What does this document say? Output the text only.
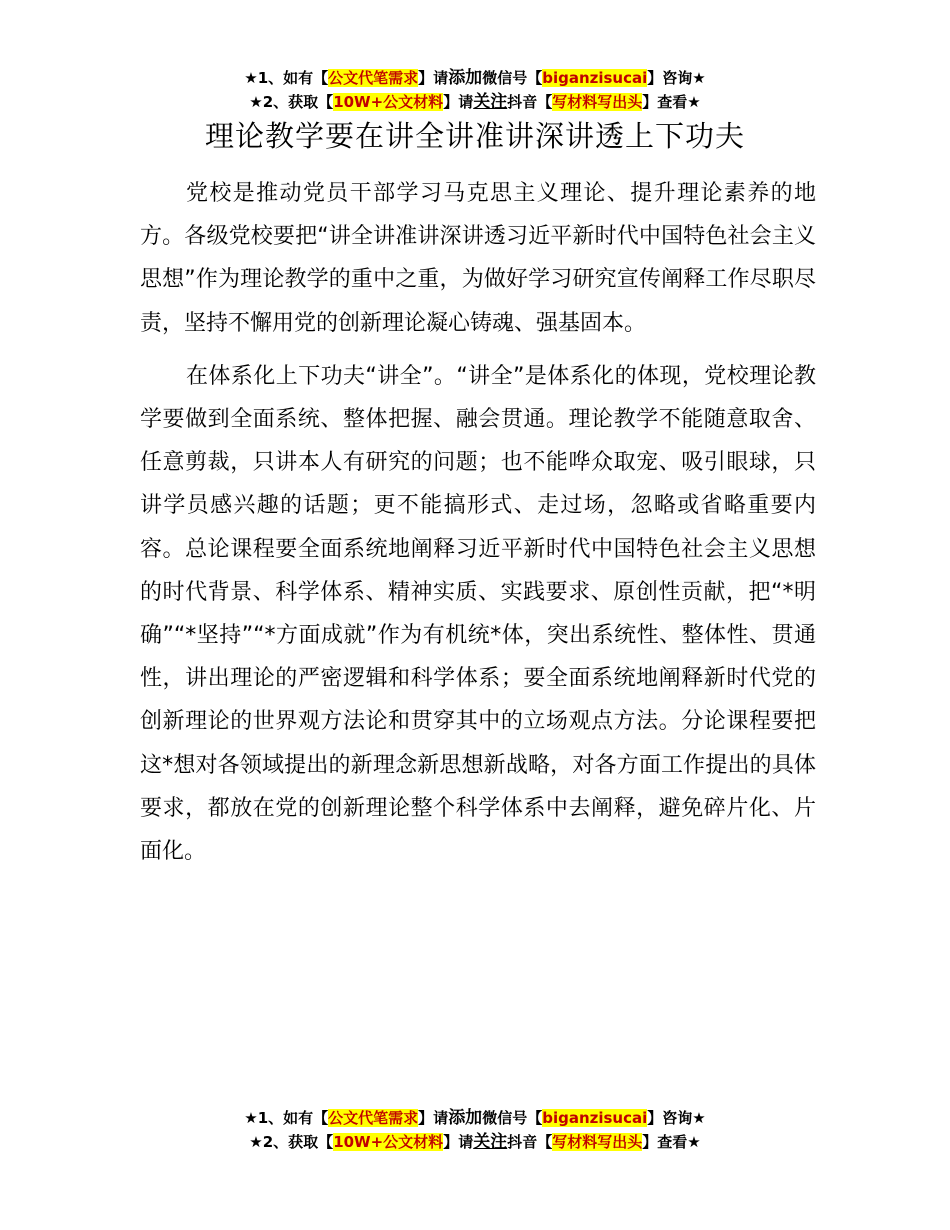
★1、如有【公文代笔需求】请添加微信号【biganzisucai】咨询★
★2、获取【10W+公文材料】请关注抖音【写材料写出头】查看★
理论教学要在讲全讲准讲深讲透上下功夫

党校是推动党员干部学习马克思主义理论、提升理论素养的地方。各级党校要把“讲全讲准讲深讲透习近平新时代中国特色社会主义思想”作为理论教学的重中之重，为做好学习研究宣传阐释工作尽职尽责，坚持不懈用党的创新理论凝心铸魂、强基固本。

在体系化上下功夫“讲全”。“讲全”是体系化的体现，党校理论教学要做到全面系统、整体把握、融会贯通。理论教学不能随意取舍、任意剪裁，只讲本人有研究的问题；也不能哗众取宠、吸引眼球，只讲学员感兴趣的话题；更不能搞形式、走过场，忽略或省略重要内容。总论课程要全面系统地阐释习近平新时代中国特色社会主义思想的时代背景、科学体系、精神实质、实践要求、原创性贡献，把“*明确”“*坚持”“*方面成就”作为有机统*体，突出系统性、整体性、贯通性，讲出理论的严密逻辑和科学体系；要全面系统地阐释新时代党的创新理论的世界观方法论和贯穿其中的立场观点方法。分论课程要把这*想对各领域提出的新理念新思想新战略，对各方面工作提出的具体要求，都放在党的创新理论整个科学体系中去阐释，避免碎片化、片面化。

★1、如有【公文代笔需求】请添加微信号【biganzisucai】咨询★
★2、获取【10W+公文材料】请关注抖音【写材料写出头】查看★
